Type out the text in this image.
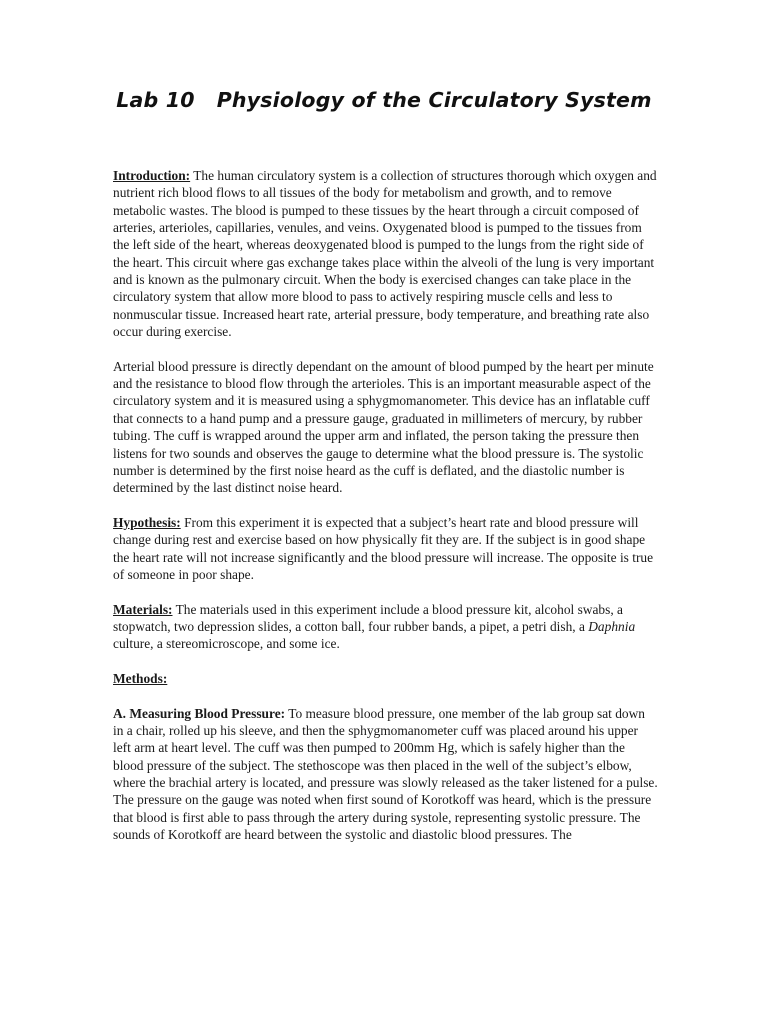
Lab 10   Physiology of the Circulatory System

Introduction: The human circulatory system is a collection of structures thorough which oxygen and nutrient rich blood flows to all tissues of the body for metabolism and growth, and to remove metabolic wastes. The blood is pumped to these tissues by the heart through a circuit composed of arteries, arterioles, capillaries, venules, and veins. Oxygenated blood is pumped to the tissues from the left side of the heart, whereas deoxygenated blood is pumped to the lungs from the right side of the heart. This circuit where gas exchange takes place within the alveoli of the lung is very important and is known as the pulmonary circuit. When the body is exercised changes can take place in the circulatory system that allow more blood to pass to actively respiring muscle cells and less to nonmuscular tissue. Increased heart rate, arterial pressure, body temperature, and breathing rate also occur during exercise.

Arterial blood pressure is directly dependant on the amount of blood pumped by the heart per minute and the resistance to blood flow through the arterioles. This is an important measurable aspect of the circulatory system and it is measured using a sphygmomanometer. This device has an inflatable cuff that connects to a hand pump and a pressure gauge, graduated in millimeters of mercury, by rubber tubing. The cuff is wrapped around the upper arm and inflated, the person taking the pressure then listens for two sounds and observes the gauge to determine what the blood pressure is. The systolic number is determined by the first noise heard as the cuff is deflated, and the diastolic number is determined by the last distinct noise heard.

Hypothesis: From this experiment it is expected that a subject’s heart rate and blood pressure will change during rest and exercise based on how physically fit they are. If the subject is in good shape the heart rate will not increase significantly and the blood pressure will increase. The opposite is true of someone in poor shape.

Materials: The materials used in this experiment include a blood pressure kit, alcohol swabs, a stopwatch, two depression slides, a cotton ball, four rubber bands, a pipet, a petri dish, a Daphnia culture, a stereomicroscope, and some ice.

Methods:

A. Measuring Blood Pressure: To measure blood pressure, one member of the lab group sat down in a chair, rolled up his sleeve, and then the sphygmomanometer cuff was placed around his upper left arm at heart level. The cuff was then pumped to 200mm Hg, which is safely higher than the blood pressure of the subject. The stethoscope was then placed in the well of the subject’s elbow, where the brachial artery is located, and pressure was slowly released as the taker listened for a pulse. The pressure on the gauge was noted when first sound of Korotkoff was heard, which is the pressure that blood is first able to pass through the artery during systole, representing systolic pressure. The sounds of Korotkoff are heard between the systolic and diastolic blood pressures. The
